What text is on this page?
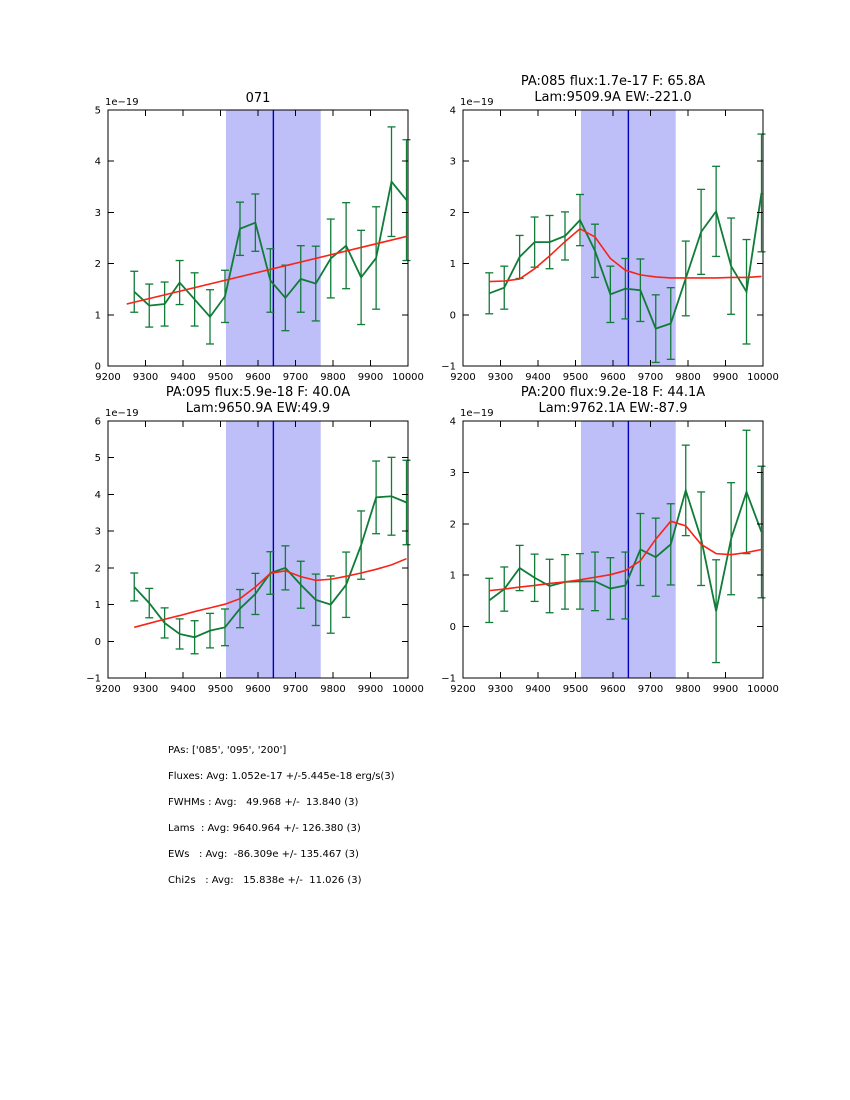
9200 9300 9400 9500 9600 9700 9800 9900 10000
0
1
2
3
4
5
1e−19	071
9200 9300 9400 9500 9600 9700 9800 9900 10000
−1
0
1
2
3
4
1e−19
PA:085 flux:1.7e-17 F: 65.8A
Lam:9509.9A EW:-221.0
9200 9300 9400 9500 9600 9700 9800 9900 10000
−1
0
1
2
3
4
5
6
1e−19
PA:095 flux:5.9e-18 F: 40.0A
Lam:9650.9A EW:49.9
9200 9300 9400 9500 9600 9700 9800 9900 10000
−1
0
1
2
3
4
1e−19
PA:200 flux:9.2e-18 F: 44.1A
Lam:9762.1A EW:-87.9
PAs: ['085', '095', '200']
Fluxes: Avg: 1.052e-17 +/-5.445e-18 erg/s(3)
FWHMs : Avg:   49.968 +/-  13.840 (3)
Lams  : Avg: 9640.964 +/- 126.380 (3)
EWs   : Avg:  -86.309e +/- 135.467 (3)
Chi2s   : Avg:   15.838e +/-  11.026 (3)
